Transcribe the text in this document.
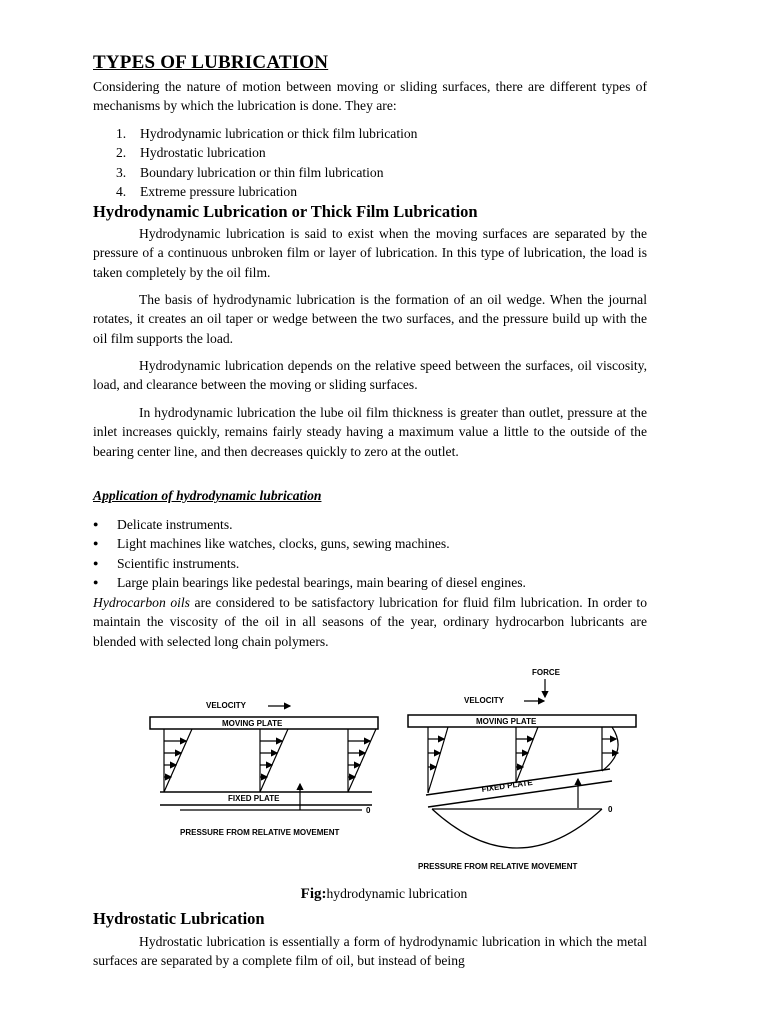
TYPES OF LUBRICATION

Considering the nature of motion between moving or sliding surfaces, there are different types of mechanisms by which the lubrication is done. They are:

1.	Hydrodynamic lubrication or thick film lubrication
2.	Hydrostatic lubrication
3.	Boundary lubrication or thin film lubrication
4.	Extreme pressure lubrication
Hydrodynamic Lubrication or Thick Film Lubrication

Hydrodynamic lubrication is said to exist when the moving surfaces are separated by the pressure of a continuous unbroken film or layer of lubrication. In this type of lubrication, the load is taken completely by the oil film.

The basis of hydrodynamic lubrication is the formation of an oil wedge. When the journal rotates, it creates an oil taper or wedge between the two surfaces, and the pressure build up with the oil film supports the load.

Hydrodynamic lubrication depends on the relative speed between the surfaces, oil viscosity, load, and clearance between the moving or sliding surfaces.

In hydrodynamic lubrication the lube oil film thickness is greater than outlet, pressure at the inlet increases quickly, remains fairly steady having a maximum value a little to the outside of the bearing center line, and then decreases quickly to zero at the outlet.

Application of hydrodynamic lubrication
●	Delicate instruments.
●	Light machines like watches, clocks, guns, sewing machines.
●	Scientific instruments.
●	Large plain bearings like pedestal bearings, main bearing of diesel engines.

Hydrocarbon oils are considered to be satisfactory lubrication for fluid film lubrication. In order to maintain the viscosity of the oil in all seasons of the year, ordinary hydrocarbon lubricants are blended with selected long chain polymers.

VELOCITY
MOVING PLATE
FIXED PLATE
0
PRESSURE FROM RELATIVE MOVEMENT
FORCE
VELOCITY
MOVING PLATE
FIXED PLATE
0
PRESSURE FROM RELATIVE MOVEMENT
Fig:hydrodynamic lubrication
Hydrostatic Lubrication

Hydrostatic lubrication is essentially a form of hydrodynamic lubrication in which the metal surfaces are separated by a complete film of oil, but instead of being
